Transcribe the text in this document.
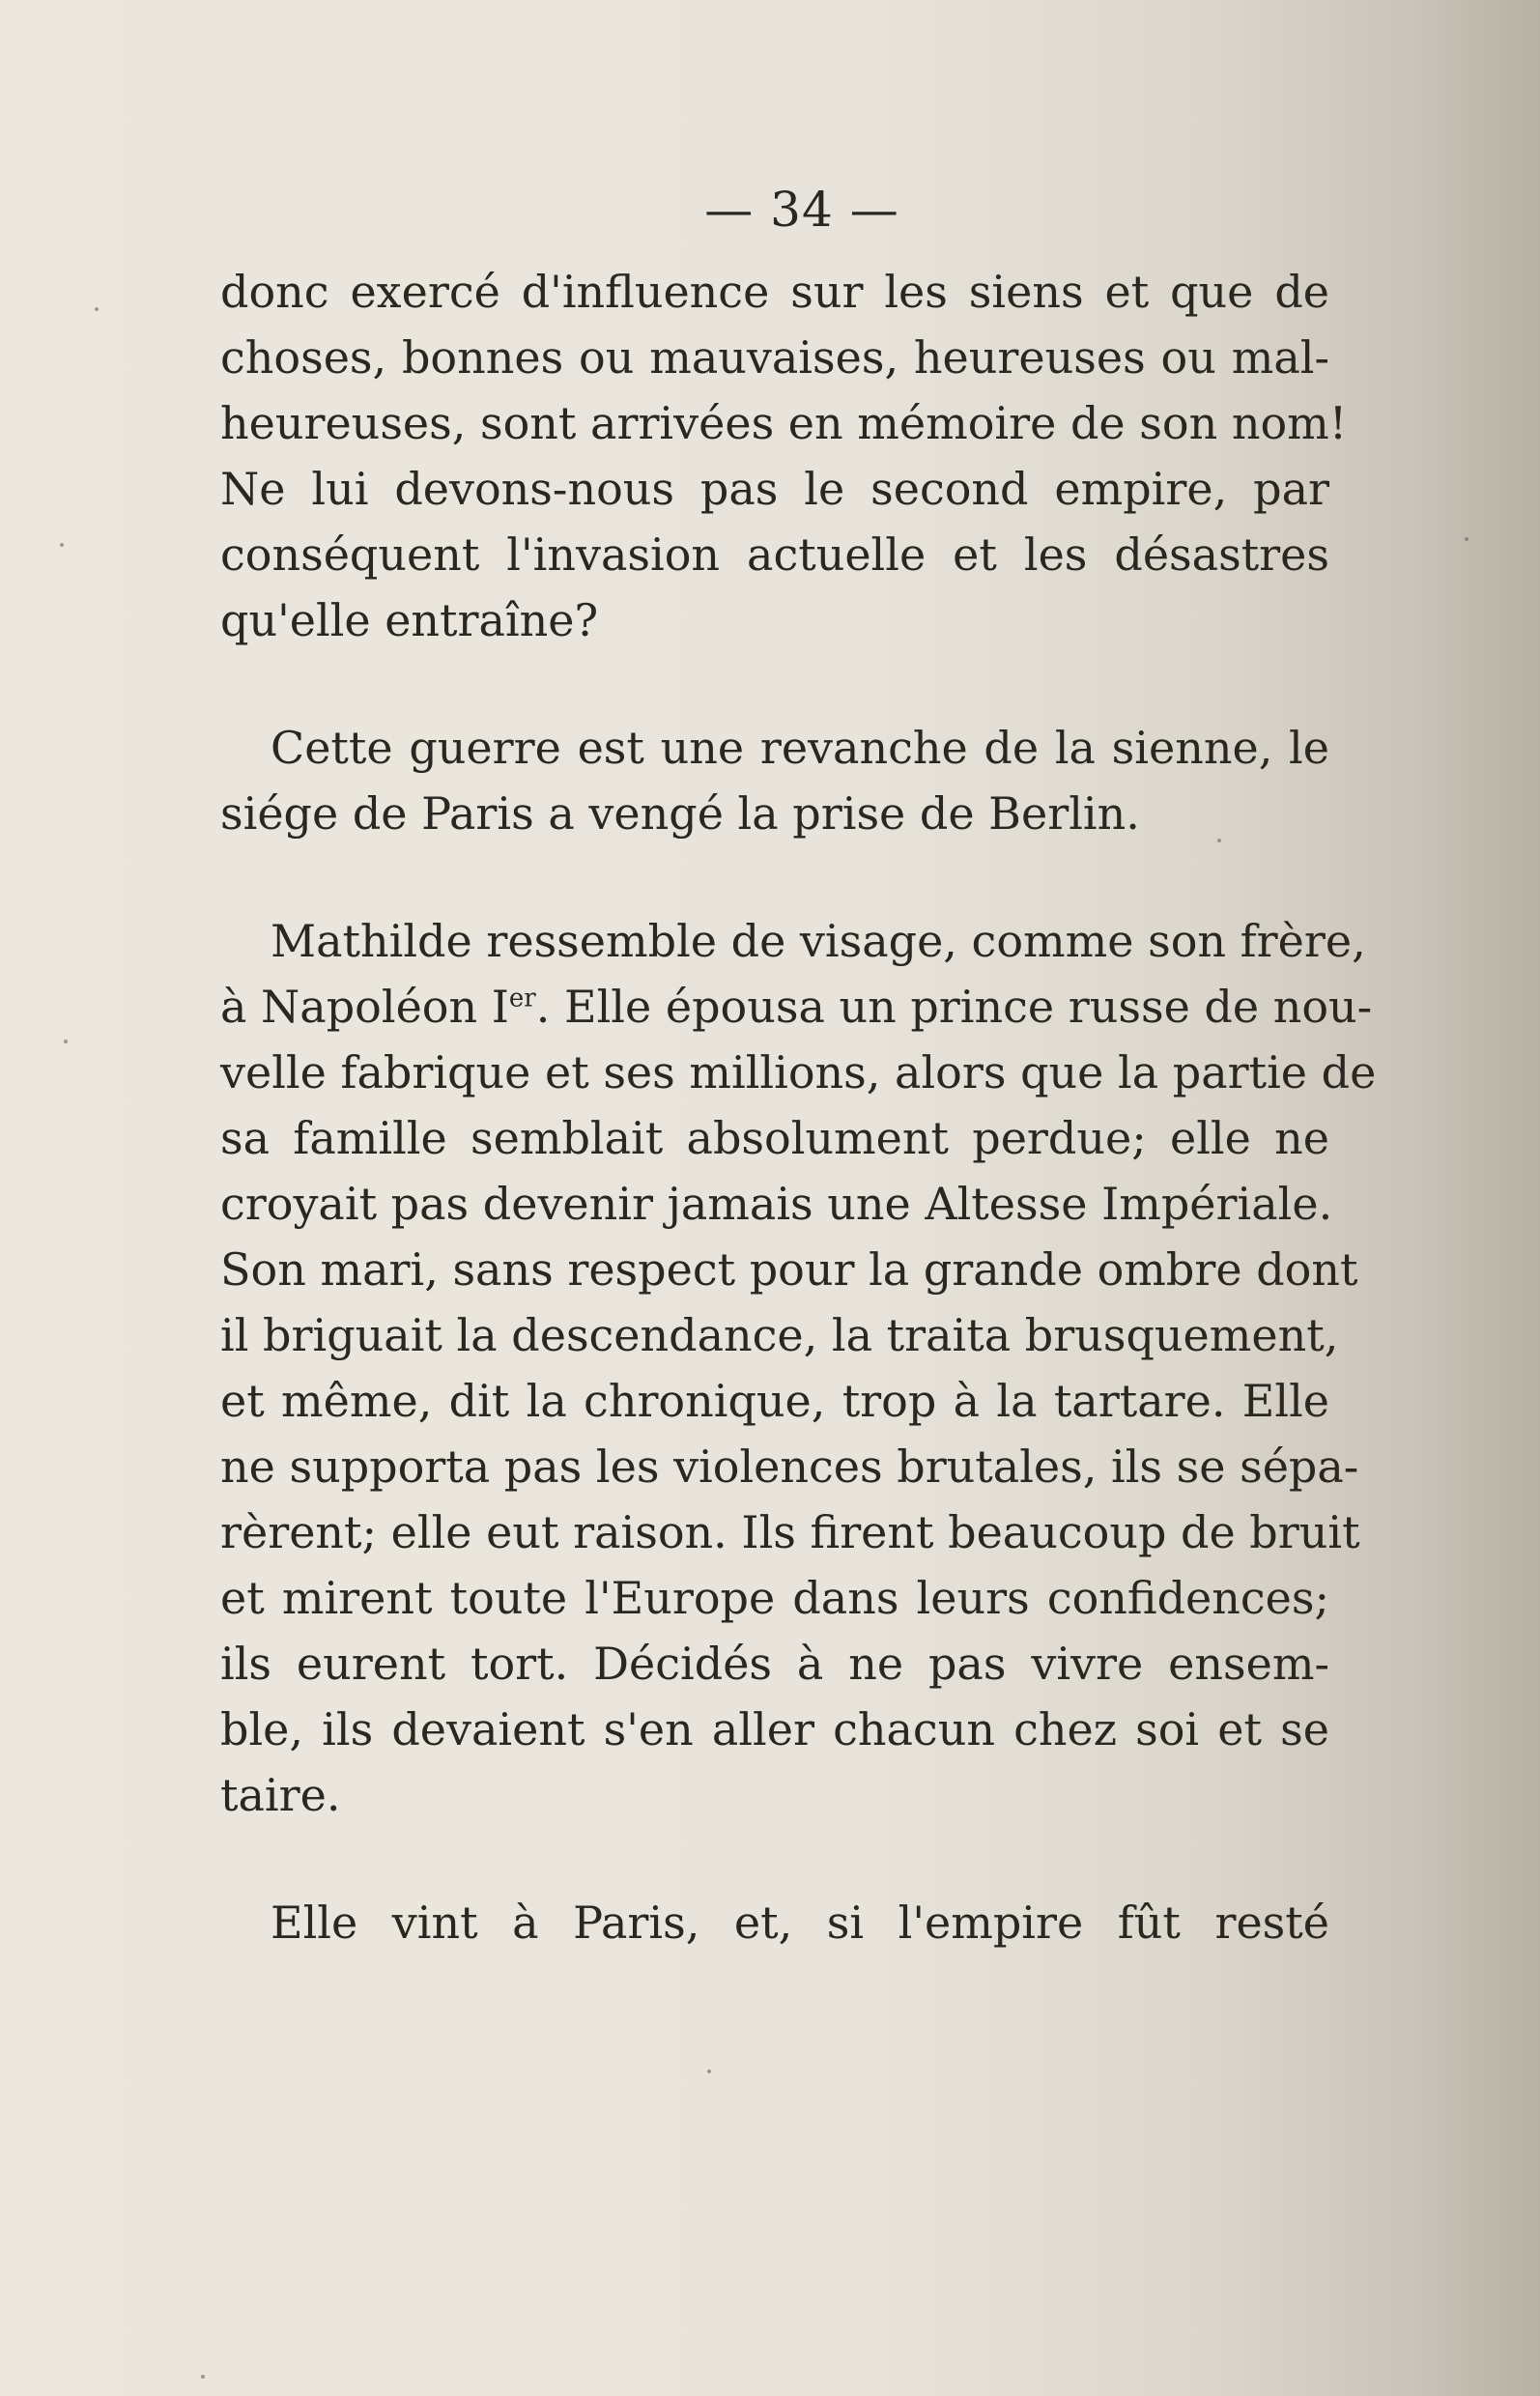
— 34 —
donc exercé d'influence sur les siens et que de
choses, bonnes ou mauvaises, heureuses ou mal-
heureuses, sont arrivées en mémoire de son nom!
Ne lui devons-nous pas le second empire, par
conséquent l'invasion actuelle et les désastres
qu'elle entraîne?
Cette guerre est une revanche de la sienne, le
siége de Paris a vengé la prise de Berlin.
Mathilde ressemble de visage, comme son frère,
à Napoléon Ier. Elle épousa un prince russe de nou-
velle fabrique et ses millions, alors que la partie de
sa famille semblait absolument perdue; elle ne
croyait pas devenir jamais une Altesse Impériale.
Son mari, sans respect pour la grande ombre dont
il briguait la descendance, la traita brusquement,
et même, dit la chronique, trop à la tartare. Elle
ne supporta pas les violences brutales, ils se sépa-
rèrent; elle eut raison. Ils firent beaucoup de bruit
et mirent toute l'Europe dans leurs confidences;
ils eurent tort. Décidés à ne pas vivre ensem-
ble, ils devaient s'en aller chacun chez soi et se
taire.
Elle vint à Paris, et, si l'empire fût resté
